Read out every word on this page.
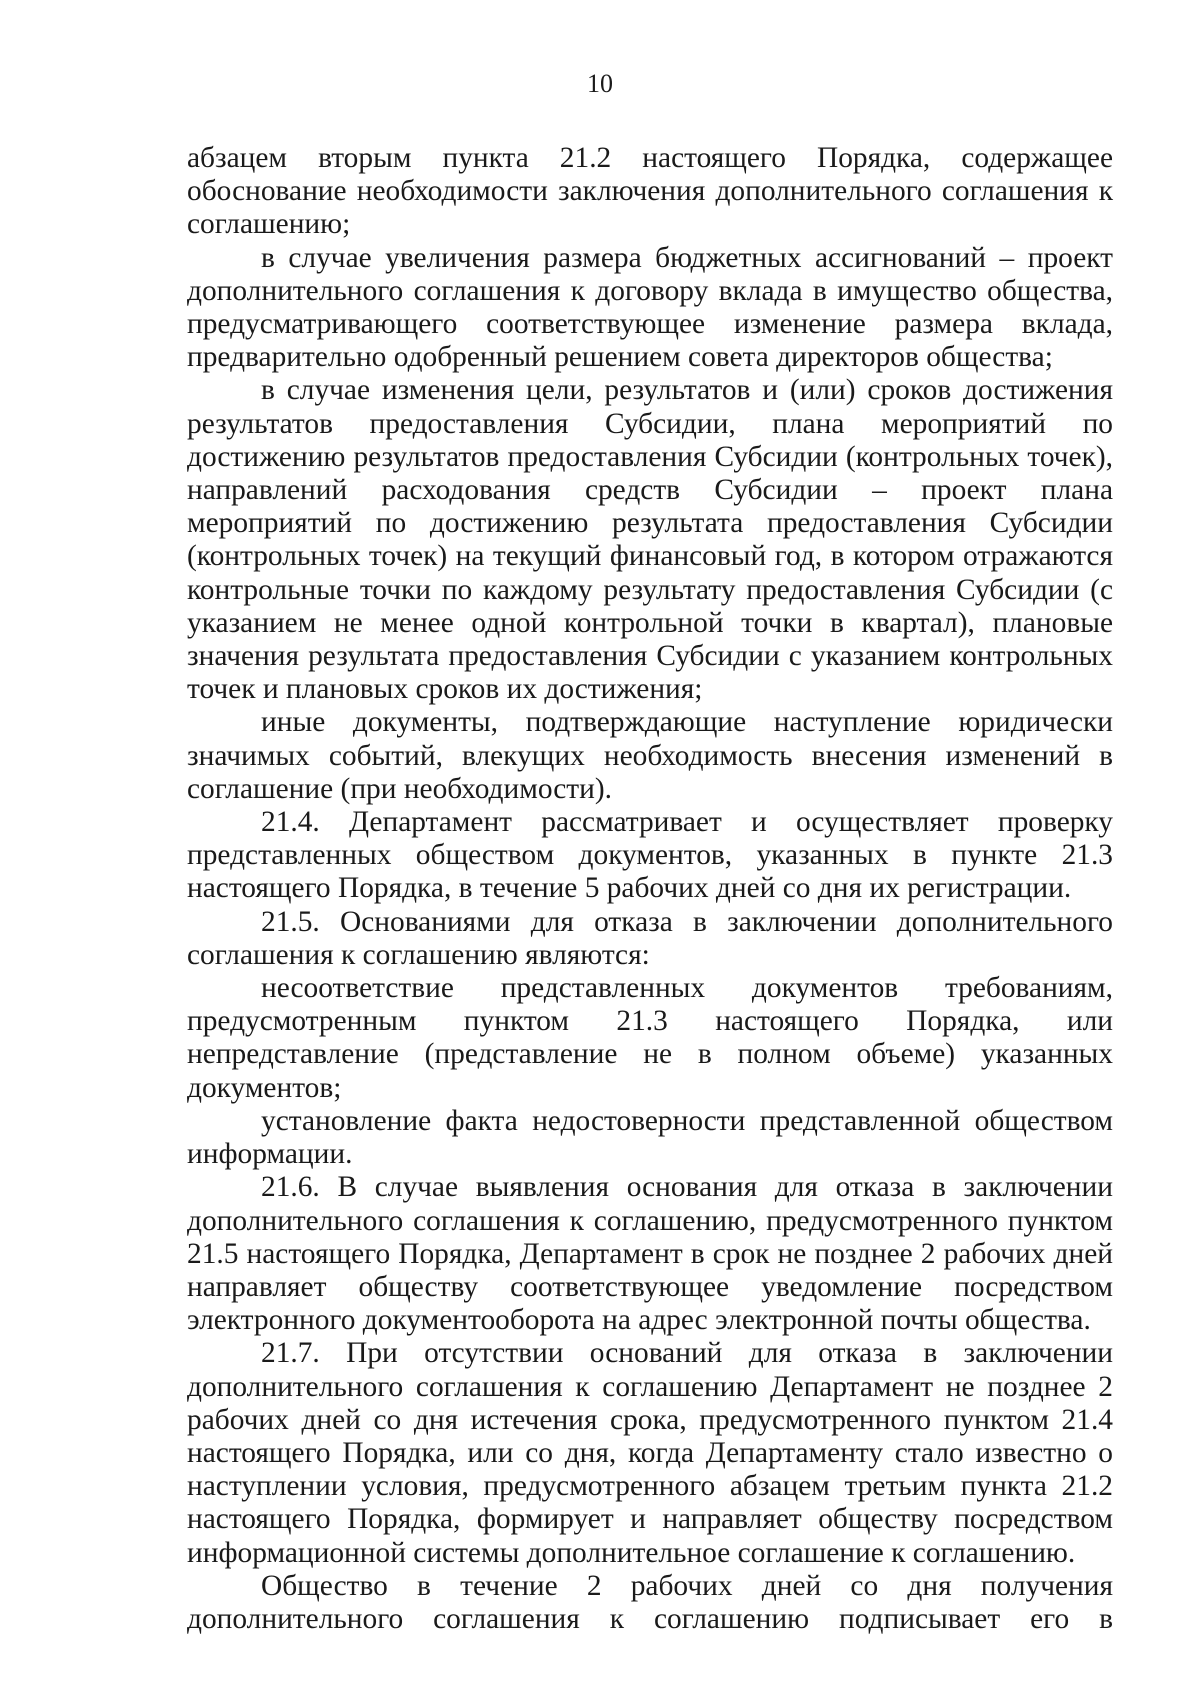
10

абзацем вторым пункта 21.2 настоящего Порядка, содержащее обоснование необходимости заключения дополнительного соглашения к соглашению;

в случае увеличения размера бюджетных ассигнований – проект дополнительного соглашения к договору вклада в имущество общества, предусматривающего соответствующее изменение размера вклада, предварительно одобренный решением совета директоров общества;

в случае изменения цели, результатов и (или) сроков достижения результатов предоставления Субсидии, плана мероприятий по достижению результатов предоставления Субсидии (контрольных точек), направлений расходования средств Субсидии – проект плана мероприятий по достижению результата предоставления Субсидии (контрольных точек) на текущий финансовый год, в котором отражаются контрольные точки по каждому результату предоставления Субсидии (с указанием не менее одной контрольной точки в квартал), плановые значения результата предоставления Субсидии с указанием контрольных точек и плановых сроков их достижения;

иные документы, подтверждающие наступление юридически значимых событий, влекущих необходимость внесения изменений в соглашение (при необходимости).

21.4. Департамент рассматривает и осуществляет проверку представленных обществом документов, указанных в пункте 21.3 настоящего Порядка, в течение 5 рабочих дней со дня их регистрации.

21.5. Основаниями для отказа в заключении дополнительного соглашения к соглашению являются:

несоответствие представленных документов требованиям, предусмотренным пунктом 21.3 настоящего Порядка, или непредставление (представление не в полном объеме) указанных документов;

установление факта недостоверности представленной обществом информации.

21.6. В случае выявления основания для отказа в заключении дополнительного соглашения к соглашению, предусмотренного пунктом 21.5 настоящего Порядка, Департамент в срок не позднее 2 рабочих дней направляет обществу соответствующее уведомление посредством электронного документооборота на адрес электронной почты общества.

21.7. При отсутствии оснований для отказа в заключении дополнительного соглашения к соглашению Департамент не позднее 2 рабочих дней со дня истечения срока, предусмотренного пунктом 21.4 настоящего Порядка, или со дня, когда Департаменту стало известно о наступлении условия, предусмотренного абзацем третьим пункта 21.2 настоящего Порядка, формирует и направляет обществу посредством информационной системы дополнительное соглашение к соглашению.

Общество в течение 2 рабочих дней со дня получения дополнительного соглашения к соглашению подписывает его в
